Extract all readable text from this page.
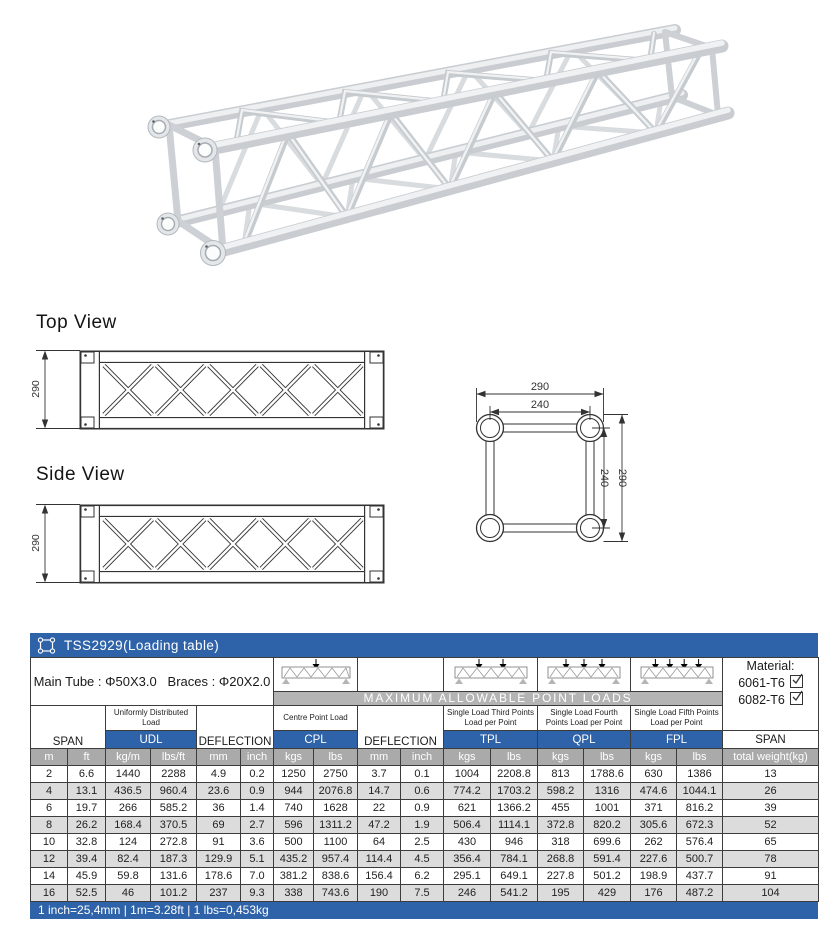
Top View
Side View
290
240
240 290
TSS2929(Loading table)
Main Tube : Φ50X3.0 Braces : Φ20X2.0																Material:
6061-T6
6082-T6

						MAXIMUM ALLOWABLE POINT LOADS										
SPAN		Uniformly Distributed Load		DEFLECTION		Centre Point Load		DEFLECTION		Single Load Third Points Load per Point		Single Load Fourth Points Load per Point		Single Load Fifth Points Load per Point		
		UDL				CPL				TPL		QPL		FPL		SPAN
m	ft	kg/m	lbs/ft	mm	inch	kgs	lbs	mm	inch	kgs	lbs	kgs	lbs	kgs	lbs	total weight(kg)
2	6.6	1440	2288	4.9	0.2	1250	2750	3.7	0.1	1004	2208.8	813	1788.6	630	1386	13
4	13.1	436.5	960.4	23.6	0.9	944	2076.8	14.7	0.6	774.2	1703.2	598.2	1316	474.6	1044.1	26
6	19.7	266	585.2	36	1.4	740	1628	22	0.9	621	1366.2	455	1001	371	816.2	39
8	26.2	168.4	370.5	69	2.7	596	1311.2	47.2	1.9	506.4	1114.1	372.8	820.2	305.6	672.3	52
10	32.8	124	272.8	91	3.6	500	1100	64	2.5	430	946	318	699.6	262	576.4	65
12	39.4	82.4	187.3	129.9	5.1	435.2	957.4	114.4	4.5	356.4	784.1	268.8	591.4	227.6	500.7	78
14	45.9	59.8	131.6	178.6	7.0	381.2	838.6	156.4	6.2	295.1	649.1	227.8	501.2	198.9	437.7	91
16	52.5	46	101.2	237	9.3	338	743.6	190	7.5	246	541.2	195	429	176	487.2	104
1 inch=25,4mm | 1m=3.28ft | 1 lbs=0,453kg
